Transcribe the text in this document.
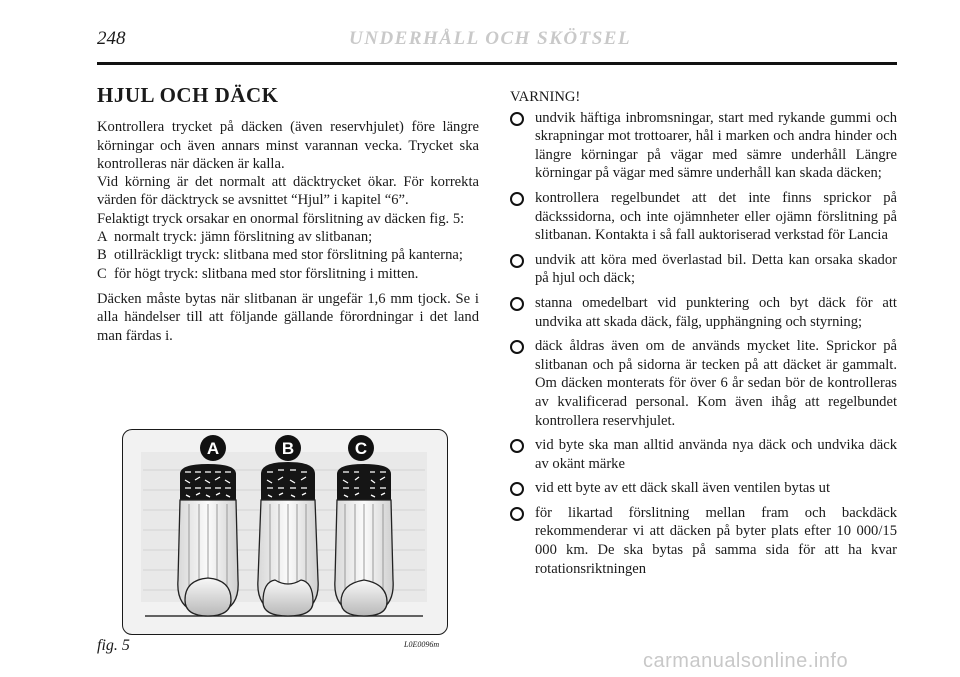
248	UNDERHÅLL OCH SKÖTSEL
HJUL OCH DÄCK

Kontrollera trycket på däcken (även reservhjulet) före längre körningar och även annars minst varannan vecka. Trycket ska kontrolleras när däcken är kalla.

Vid körning är det normalt att däcktrycket ökar. För korrekta värden för däcktryck se avsnittet “Hjul” i kapitel “6”.

Felaktigt tryck orsakar en onormal förslitning av däcken fig. 5:

A normalt tryck: jämn förslitning av slitbanan;
B otillräckligt tryck: slitbana med stor förslitning på kanterna;
C för högt tryck: slitbana med stor förslitning i mitten.

Däcken måste bytas när slitbanan är ungefär 1,6 mm tjock. Se i alla händelser till att följande gällande förordningar i det land man färdas i.

VARNING!

undvik häftiga inbromsningar, start med rykande gummi och skrapningar mot trottoarer, hål i marken och andra hinder och längre körningar på vägar med sämre underhåll Längre körningar på vägar med sämre underhåll kan skada däcken;
kontrollera regelbundet att det inte finns sprickor på däckssidorna, och inte ojämnheter eller ojämn förslitning på slitbanan. Kontakta i så fall auktoriserad verkstad för Lancia
undvik att köra med överlastad bil. Detta kan orsaka skador på hjul och däck;
stanna omedelbart vid punktering och byt däck för att undvika att skada däck, fälg, upphängning och styrning;
däck åldras även om de används mycket lite. Sprickor på slitbanan och på sidorna är tecken på att däcket är gammalt. Om däcken monterats för över 6 år sedan bör de kontrolleras av kvalificerad personal. Kom även ihåg att regelbundet kontrollera reservhjulet.
vid byte ska man alltid använda nya däck och undvika däck av okänt märke
vid ett byte av ett däck skall även ventilen bytas ut
för likartad förslitning mellan fram och backdäck rekommenderar vi att däcken på byter plats efter 10 000/15 000 km. De ska bytas på samma sida för att ha kvar rotationsriktningen
A	B	C
fig. 5	L0E0096m
carmanualsonline.info
